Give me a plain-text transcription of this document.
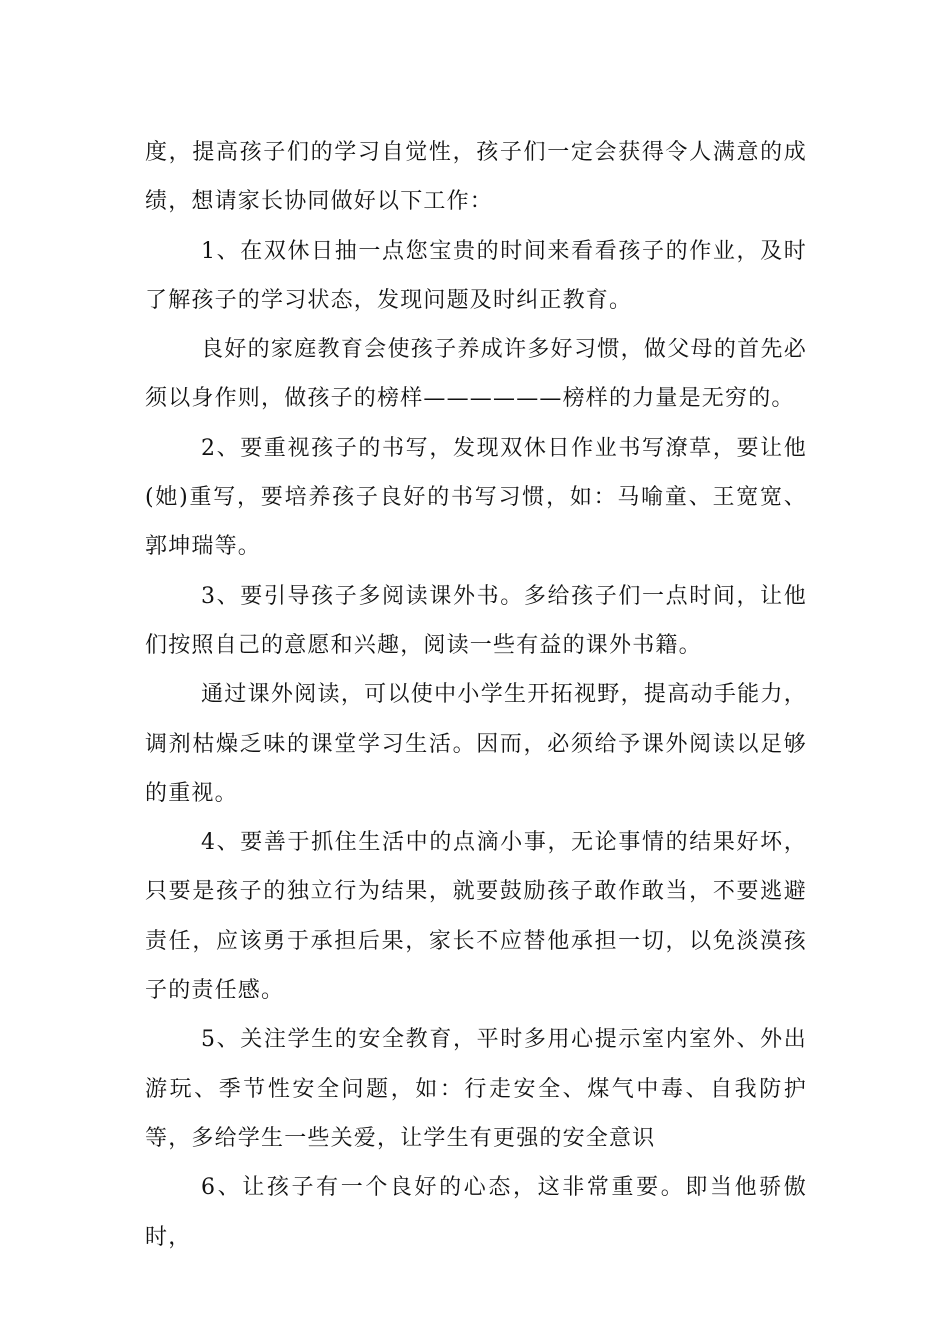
度，提高孩子们的学习自觉性，孩子们一定会获得令人满意的成绩，想请家长协同做好以下工作：

1、在双休日抽一点您宝贵的时间来看看孩子的作业，及时了解孩子的学习状态，发现问题及时纠正教育。

良好的家庭教育会使孩子养成许多好习惯，做父母的首先必须以身作则，做孩子的榜样——————榜样的力量是无穷的。

2、要重视孩子的书写，发现双休日作业书写潦草，要让他(她)重写，要培养孩子良好的书写习惯，如：马喻童、王宽宽、郭坤瑞等。

3、要引导孩子多阅读课外书。多给孩子们一点时间，让他们按照自己的意愿和兴趣，阅读一些有益的课外书籍。

通过课外阅读，可以使中小学生开拓视野，提高动手能力，调剂枯燥乏味的课堂学习生活。因而，必须给予课外阅读以足够的重视。

4、要善于抓住生活中的点滴小事，无论事情的结果好坏，只要是孩子的独立行为结果，就要鼓励孩子敢作敢当，不要逃避责任，应该勇于承担后果，家长不应替他承担一切，以免淡漠孩子的责任感。

5、关注学生的安全教育，平时多用心提示室内室外、外出游玩、季节性安全问题，如：行走安全、煤气中毒、自我防护等，多给学生一些关爱，让学生有更强的安全意识

6、让孩子有一个良好的心态，这非常重要。即当他骄傲时，
